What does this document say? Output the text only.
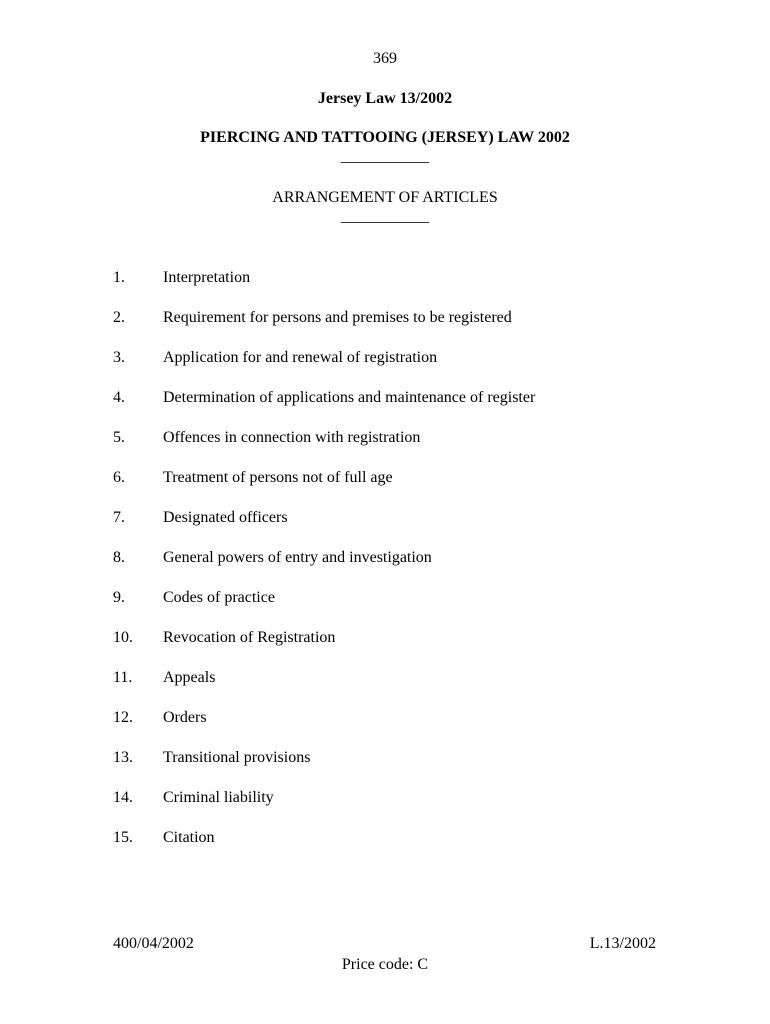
369
Jersey Law 13/2002
PIERCING AND TATTOOING (JERSEY) LAW 2002
___________
ARRANGEMENT OF ARTICLES
___________
1. Interpretation
2. Requirement for persons and premises to be registered
3. Application for and renewal of registration
4. Determination of applications and maintenance of register
5. Offences in connection with registration
6. Treatment of persons not of full age
7. Designated officers
8. General powers of entry and investigation
9. Codes of practice
10. Revocation of Registration
11. Appeals
12. Orders
13. Transitional provisions
14. Criminal liability
15. Citation
400/04/2002	L.13/2002
Price code: C
